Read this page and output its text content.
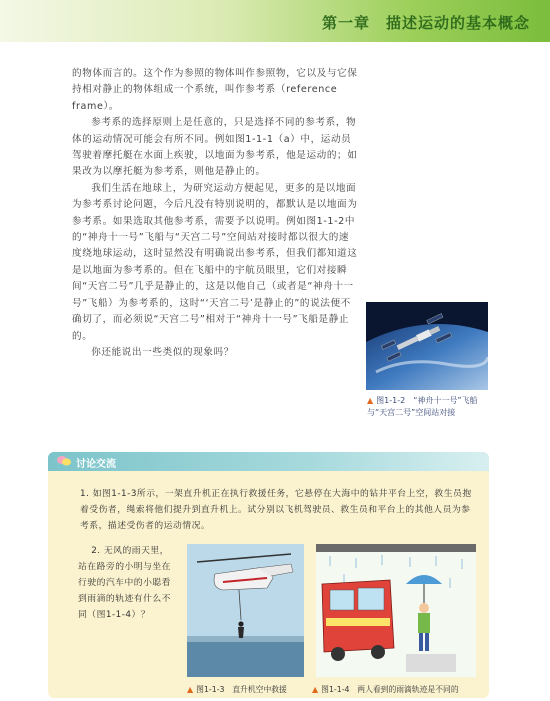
第一章　描述运动的基本概念

的物体而言的。这个作为参照的物体叫作参照物，它以及与它保持相对静止的物体组成一个系统，叫作参考系（reference frame）。

参考系的选择原则上是任意的，只是选择不同的参考系，物体的运动情况可能会有所不同。例如图1-1-1（a）中，运动员驾驶着摩托艇在水面上疾驶，以地面为参考系，他是运动的；如果改为以摩托艇为参考系，则他是静止的。

我们生活在地球上，为研究运动方便起见，更多的是以地面为参考系讨论问题，今后凡没有特别说明的，都默认是以地面为参考系。如果选取其他参考系，需要予以说明。例如图1-1-2中的“神舟十一号”飞船与“天宫二号”空间站对接时都以很大的速度绕地球运动，这时显然没有明确说出参考系，但我们都知道这是以地面为参考系的。但在飞船中的宇航员眼里，它们对接瞬间“天宫二号”几乎是静止的，这是以他自己（或者是“神舟十一号”飞船）为参考系的，这时“‘天宫二号’是静止的”的说法便不确切了，而必须说“天宫二号”相对于“神舟十一号”飞船是静止的。

你还能说出一些类似的现象吗？

▲ 图1-1-2　“神舟十一号”飞船与“天宫二号”空间站对接
讨论交流
1. 如图1-1-3所示，一架直升机正在执行救援任务，它悬停在大海中的钻井平台上空，救生员抱着受伤者，绳索将他们提升到直升机上。试分别以飞机驾驶员、救生员和平台上的其他人员为参考系，描述受伤者的运动情况。
2. 无风的雨天里，站在路旁的小明与坐在行驶的汽车中的小聪看到雨滴的轨迹有什么不同（图1-1-4）？
▲ 图1-1-3　直升机空中救援	▲ 图1-1-4　两人看到的雨滴轨迹是不同的
